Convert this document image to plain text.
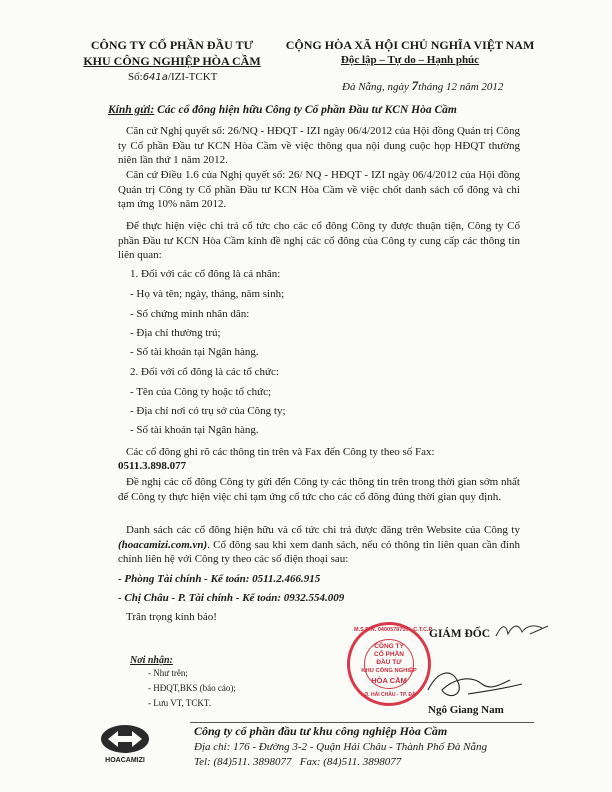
CÔNG TY CỔ PHẦN ĐẦU TƯ
KHU CÔNG NGHIỆP HÒA CẦM
Số:641a/IZI-TCKT
CỘNG HÒA XÃ HỘI CHỦ NGHĨA VIỆT NAM
Độc lập – Tự do – Hạnh phúc
Đà Nẵng, ngày 7tháng 12 năm 2012
Kính gửi: Các cổ đông hiện hữu Công ty Cổ phần Đầu tư KCN Hòa Cầm
Căn cứ Nghị quyết số: 26/NQ - HĐQT - IZI ngày 06/4/2012 của Hội đồng Quản trị Công ty Cổ phần Đầu tư KCN Hòa Cầm về việc thông qua nội dung cuộc họp HĐQT thường niên lần thứ 1 năm 2012.
Căn cứ Điều 1.6 của Nghị quyết số: 26/ NQ - HĐQT - IZI ngày 06/4/2012 của Hội đồng Quản trị Công ty Cổ phần Đầu tư KCN Hòa Cầm về việc chốt danh sách cổ đông và chi tạm ứng 10% năm 2012.
Để thực hiện việc chi trả cổ tức cho các cổ đông Công ty được thuận tiện, Công ty Cổ phần Đầu tư KCN Hòa Cầm kính đề nghị các cổ đông của Công ty cung cấp các thông tin liên quan:
1. Đối với các cổ đông là cá nhân:
- Họ và tên; ngày, tháng, năm sinh;
- Số chứng minh nhân dân:
- Địa chỉ thường trú;
- Số tài khoản tại Ngân hàng.
2. Đối với cổ đông là các tổ chức:
- Tên của Công ty hoặc tổ chức;
- Địa chỉ nơi có trụ sở của Công ty;
- Số tài khoản tại Ngân hàng.
Các cổ đông ghi rõ các thông tin trên và Fax đến Công ty theo số Fax:
0511.3.898.077
Đề nghị các cổ đông Công ty gửi đến Công ty các thông tin trên trong thời gian sớm nhất để Công ty thực hiện việc chi tạm ứng cổ tức cho các cổ đông đúng thời gian quy định.
Danh sách các cổ đông hiện hữu và cổ tức chi trả được đăng trên Website của Công ty (hoacamizi.com.vn). Cổ đông sau khi xem danh sách, nếu có thông tin liên quan cần đính chính liên hệ với Công ty theo các số điện thoại sau:
- Phòng Tài chính - Kế toán: 0511.2.466.915
- Chị Châu - P. Tài chính - Kế toán: 0932.554.009
Trân trọng kính báo!
Nơi nhận:
- Như trên;
- HĐQT,BKS (báo cáo);
- Lưu VT, TCKT.
M.S.D.N. 0400578759 - C.T.C.P
CÔNG TY
CỔ PHẦN
ĐẦU TƯ
KHU CÔNG NGHIỆP
HÒA CẦM
Q. HẢI CHÂU - TP. ĐÀ
GIÁM ĐỐC
Ngô Giang Nam
HOACAMIZI
Công ty cổ phần đầu tư khu công nghiệp Hòa Cầm
Địa chỉ: 176 - Đường 3-2 - Quận Hải Châu - Thành Phố Đà Nẵng
Tel: (84)511. 3898077 Fax: (84)511. 3898077
